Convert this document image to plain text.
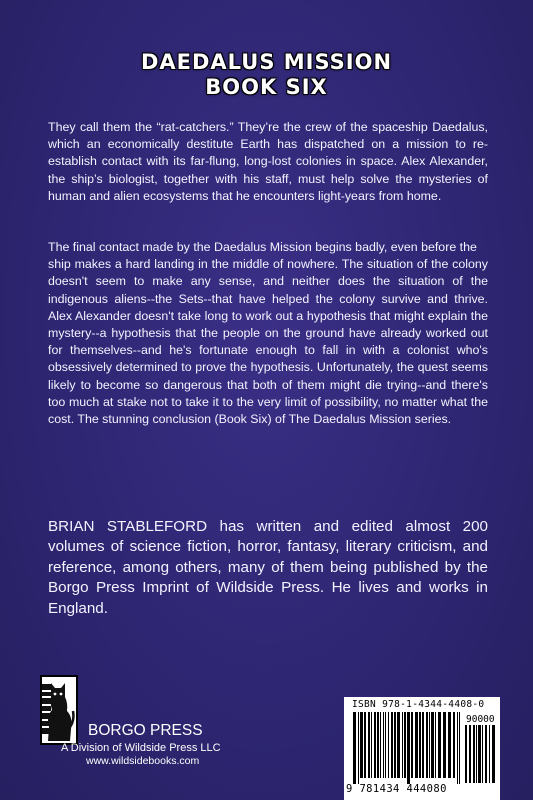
DAEDALUS MISSION
BOOK SIX
They call them the “rat-catchers.” They’re the crew of the spaceship Daedalus, which an economically destitute Earth has dispatched on a mission to re-establish contact with its far-flung, long-lost colonies in space. Alex Alexander, the ship’s biologist, together with his staff, must help solve the mysteries of human and alien ecosystems that he encounters light-years from home.
The final contact made by the Daedalus Mission begins badly, even before the
ship makes a hard landing in the middle of nowhere. The situation of the colony doesn't seem to make any sense, and neither does the situation of the indigenous aliens--the Sets--that have helped the colony survive and thrive. Alex Alexander doesn't take long to work out a hypothesis that might explain the mystery--a hypothesis that the people on the ground have already worked out for themselves--and he's fortunate enough to fall in with a colonist who's obsessively determined to prove the hypothesis. Unfortunately, the quest seems likely to become so dangerous that both of them might die trying--and there's too much at stake not to take it to the very limit of possibility, no matter what the cost. The stunning conclusion (Book Six) of The Daedalus Mission series.
BRIAN STABLEFORD has written and edited almost 200 volumes of science fiction, horror, fantasy, literary criticism, and reference, among others, many of them being published by the Borgo Press Imprint of Wildside Press. He lives and works in England.
BORGO PRESS
A Division of Wildside Press LLC
www.wildsidebooks.com
ISBN 978-1-4344-4408-0
90000
9 781434 444080
